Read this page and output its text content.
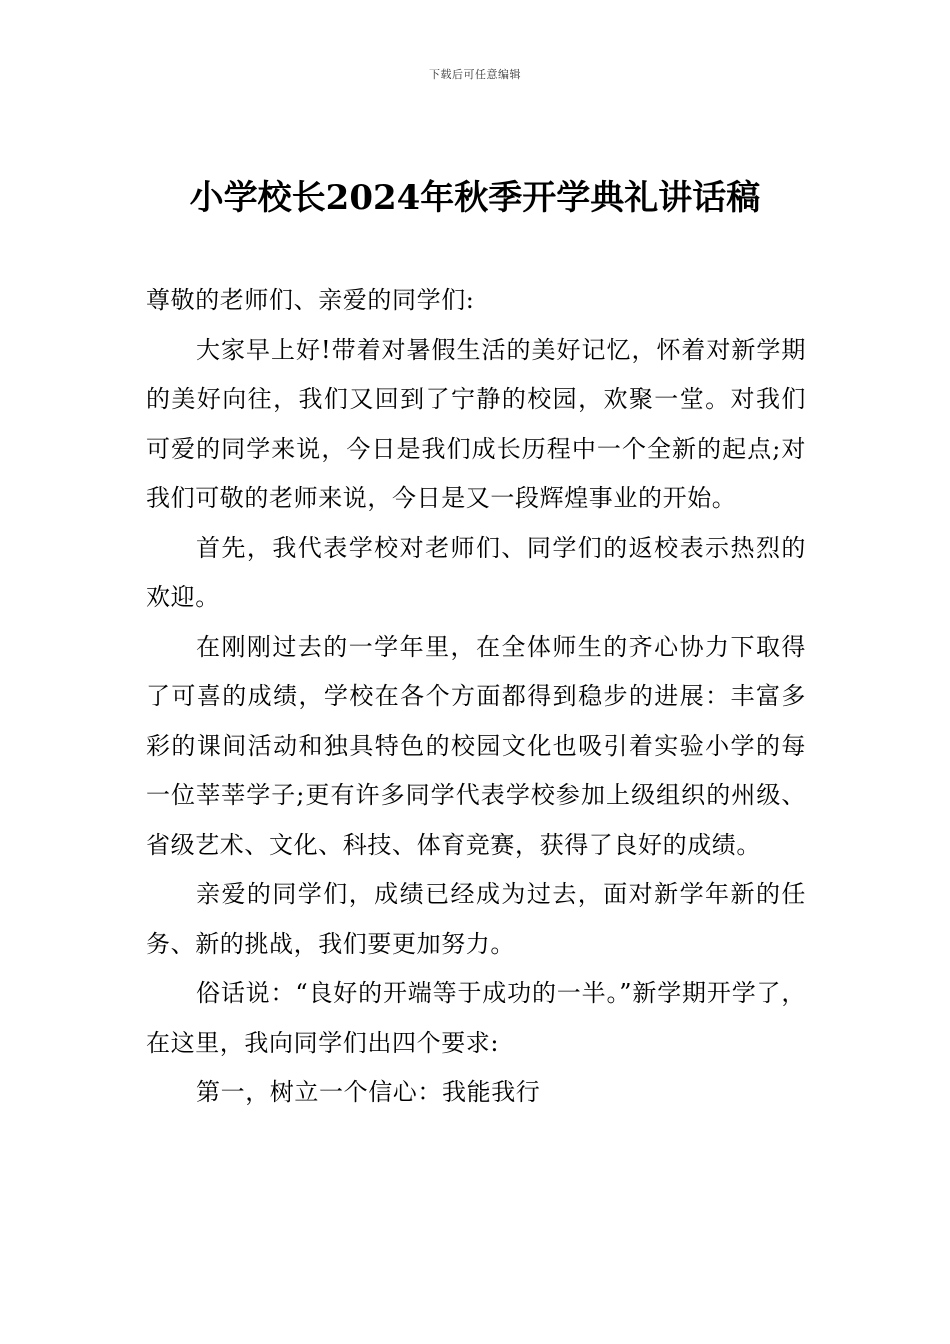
下载后可任意编辑
小学校长2024年秋季开学典礼讲话稿

尊敬的老师们、亲爱的同学们:

大家早上好!带着对暑假生活的美好记忆，怀着对新学期的美好向往，我们又回到了宁静的校园，欢聚一堂。对我们可爱的同学来说，今日是我们成长历程中一个全新的起点;对我们可敬的老师来说，今日是又一段辉煌事业的开始。

首先，我代表学校对老师们、同学们的返校表示热烈的欢迎。

在刚刚过去的一学年里，在全体师生的齐心协力下取得了可喜的成绩，学校在各个方面都得到稳步的进展：丰富多彩的课间活动和独具特色的校园文化也吸引着实验小学的每一位莘莘学子;更有许多同学代表学校参加上级组织的州级、省级艺术、文化、科技、体育竞赛，获得了良好的成绩。

亲爱的同学们，成绩已经成为过去，面对新学年新的任务、新的挑战，我们要更加努力。

俗话说：“良好的开端等于成功的一半。”新学期开学了，在这里，我向同学们出四个要求:

第一，树立一个信心：我能我行
